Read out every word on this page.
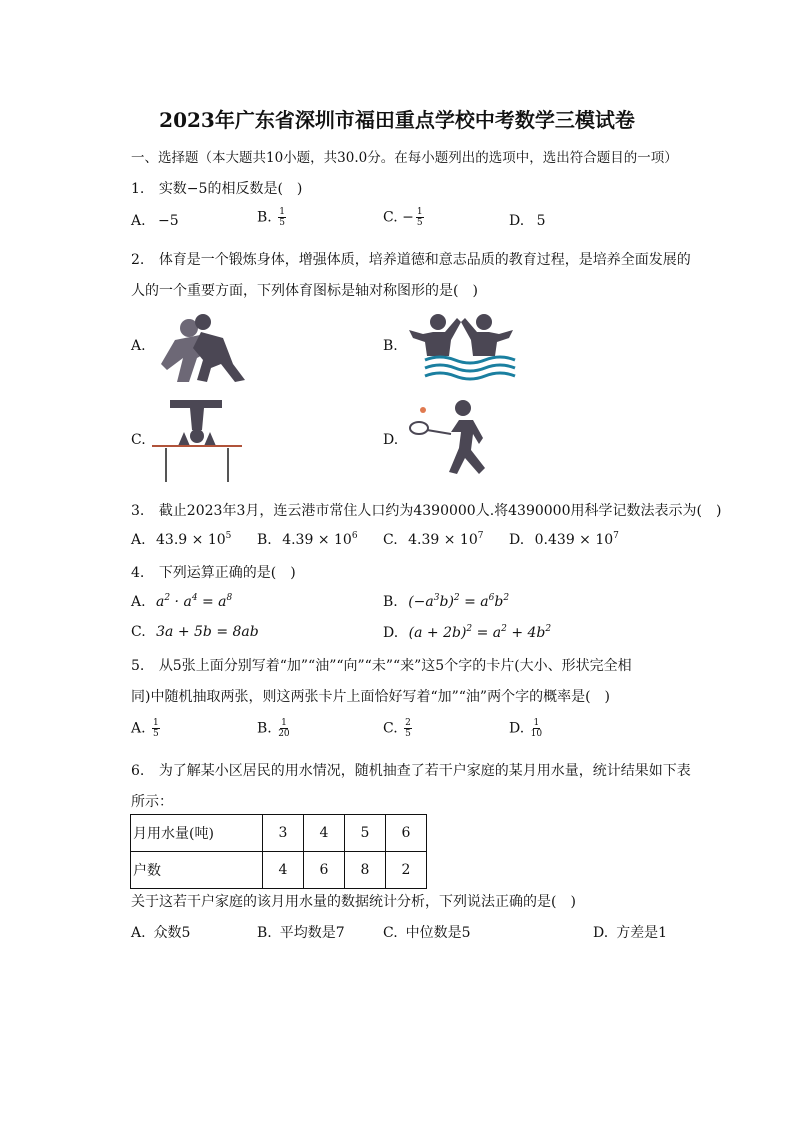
2023年广东省深圳市福田重点学校中考数学三模试卷
一、选择题（本大题共10小题，共30.0分。在每小题列出的选项中，选出符合题目的一项）
1. 实数−5的相反数是(　)
A. −5	B. $\frac{1}{5}$	C. − $\frac{1}{5}$	D. 5
2. 体育是一个锻炼身体，增强体质，培养道德和意志品质的教育过程，是培养全面发展的
人的一个重要方面，下列体育图标是轴对称图形的是(　)
A.	B.
C.	D.
3. 截止2023年3月，连云港市常住人口约为4390000人.将4390000用科学记数法表示为(　)
A. $43.9 \times 10^5$ B. $4.39 \times 10^6$ C. $4.39 \times 10^7$ D. $0.439 \times 10^7$
4. 下列运算正确的是(　)
A. $a^2 \cdot a^4 = a^8$	B. $(-a^3b)^2 = a^6b^2$
C. 3a + 5b = 8ab	D. $(a + 2b)^2 = a^2 + 4b^2$
5. 从5张上面分别写着“加”“油”“向”“未”“来”这5个字的卡片(大小、形状完全相
同)中随机抽取两张，则这两张卡片上面恰好写着“加”“油”两个字的概率是(　)
A. $\frac{1}{5}$	B. $\frac{1}{20}$	C. $\frac{2}{5}$	D. $\frac{1}{10}$
6. 为了解某小区居民的用水情况，随机抽查了若干户家庭的某月用水量，统计结果如下表
所示：
月用水量(吨)	3	4	5	6
户数	4	6	8	2
关于这若干户家庭的该月用水量的数据统计分析，下列说法正确的是(　)
A. 众数5	B. 平均数是7	C. 中位数是5	D. 方差是1
